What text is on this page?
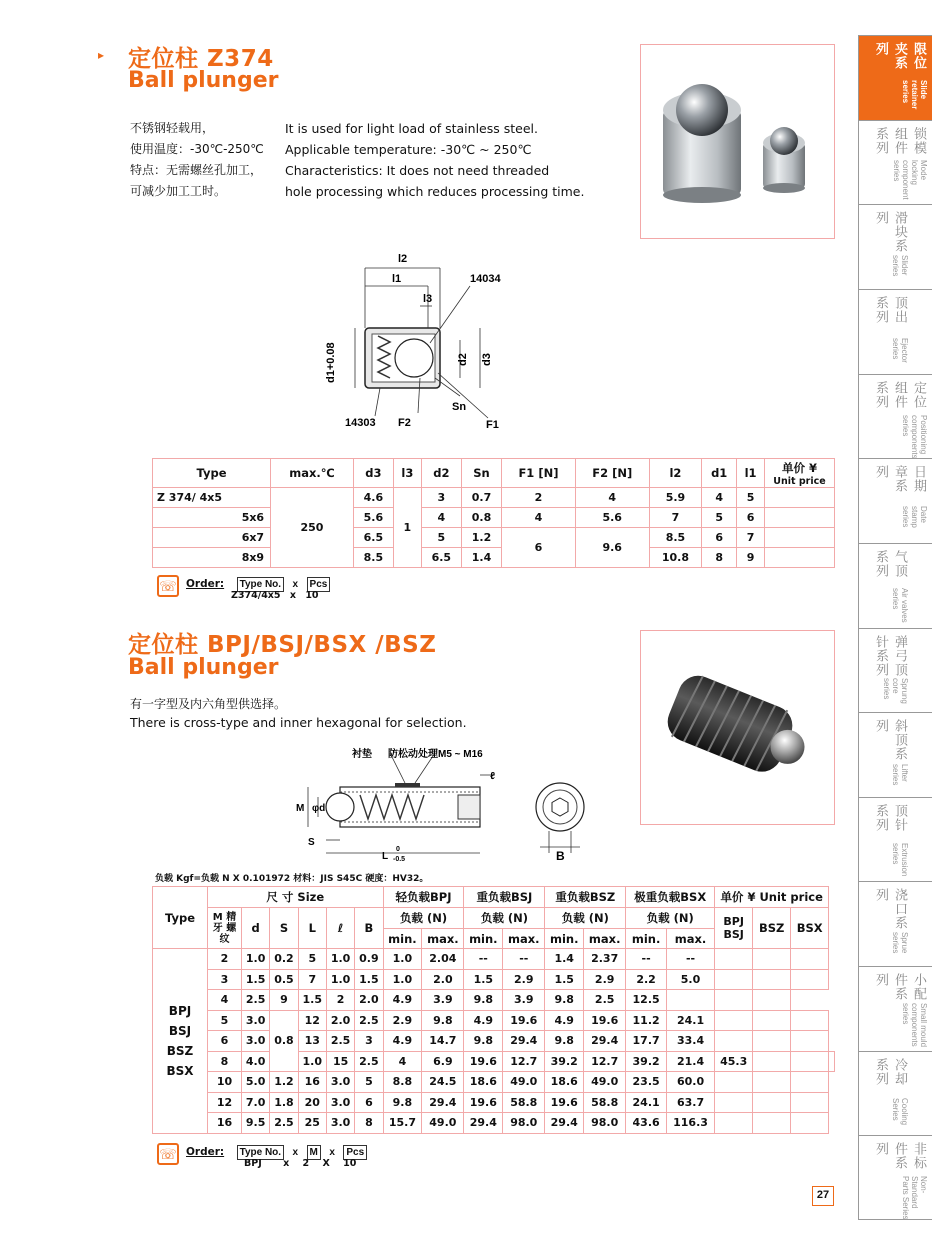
▸ 定位柱 Z374
Ball plunger
不锈钢轻载用，
使用温度：-30℃-250℃
特点：无需螺丝孔加工，
可减少加工工时。
It is used for light load of stainless steel.
Applicable temperature: -30℃ ~ 250℃
Characteristics: It does not need threaded
hole processing which reduces processing time.
l2
l1
l3
14034
d1+0.08	d2 d3
14303 F2
Sn
F1
Type	max.℃	d3	l3	d2	Sn	F1 [N]	F2 [N]	l2	d1	l1	单价 ¥
Unit price

Z 374/ 4x5	250	4.6	1	3	0.7	2	4	5.9	4	5	
5x6		5.6		4	0.8	4	5.6	7	5	6	
6x7		6.5		5	1.2	6	9.6	8.5	6	7	
8x9		8.5		6.5	1.4			10.8	8	9	
☏ Order: Type No. x Pcs
Z374/4x5 x 10
定位柱 BPJ/BSJ/BSX /BSZ
Ball plunger
有一字型及内六角型供选择。
There is cross-type and inner hexagonal for selection.
衬垫 防松动处理M5 ~ M16
ℓ
M φd
S
L
0
-0.5	B
负载 Kgf=负载 N X 0.101972 材料：JIS S45C 硬度：HV32。
Type	尺 寸 Size						轻负载BPJ		重负载BSJ		重负载BSZ		极重负载BSX		单价 ¥ Unit price			
	M 精牙 螺纹	d	S	L	ℓ	B	负载 (N)		负载 (N)		负载 (N)		负载 (N)		BPJ BSJ	BSZ	BSX	
							min.	max.	min.	max.	min.	max.	min.	max.				

BPJ
BSJ
BSZ
BSX	2	1.0	0.2	5	1.0	0.9	1.0	2.04	--	--	1.4	2.37	--	--				
	3	1.5	0.5	7	1.0	1.5	1.0	2.0	1.5	2.9	1.5	2.9	2.2	5.0				
	4	2.5	9	1.5	2	2.0	4.9	3.9	9.8	3.9	9.8	2.5	12.5					
	5	3.0	0.8	12	2.0	2.5	2.9	9.8	4.9	19.6	4.9	19.6	11.2	24.1				
	6	3.0		13	2.5	3	4.9	14.7	9.8	29.4	9.8	29.4	17.7	33.4				
	8	4.0		1.0	15	2.5	4	6.9	19.6	12.7	39.2	12.7	39.2	21.4	45.3			
	10	5.0	1.2	16	3.0	5	8.8	24.5	18.6	49.0	18.6	49.0	23.5	60.0				
	12	7.0	1.8	20	3.0	6	9.8	29.4	19.6	58.8	19.6	58.8	24.1	63.7				
	16	9.5	2.5	25	3.0	8	15.7	49.0	29.4	98.0	29.4	98.0	43.6	116.3				
☏ Order: Type No. x M x Pcs
BPJ x 2 X 10
限位夹系列
Slide retainer series
锁模组件系列
Mode locking component series
滑块系列
Slider series
顶出系列
Ejector series
定位组件系列
Positioning components series
日期章系列
Date stamp series
气顶系列
Air valves series
弹弓顶针系列
Sprung core series
斜顶系列
Lifter series
顶针系列
Extrusion series
浇口系列
Sprue series
小配件系列
Small mould components series
冷却系列
Cooling Series
非标件系列
Non-Standard Parts Series
27
